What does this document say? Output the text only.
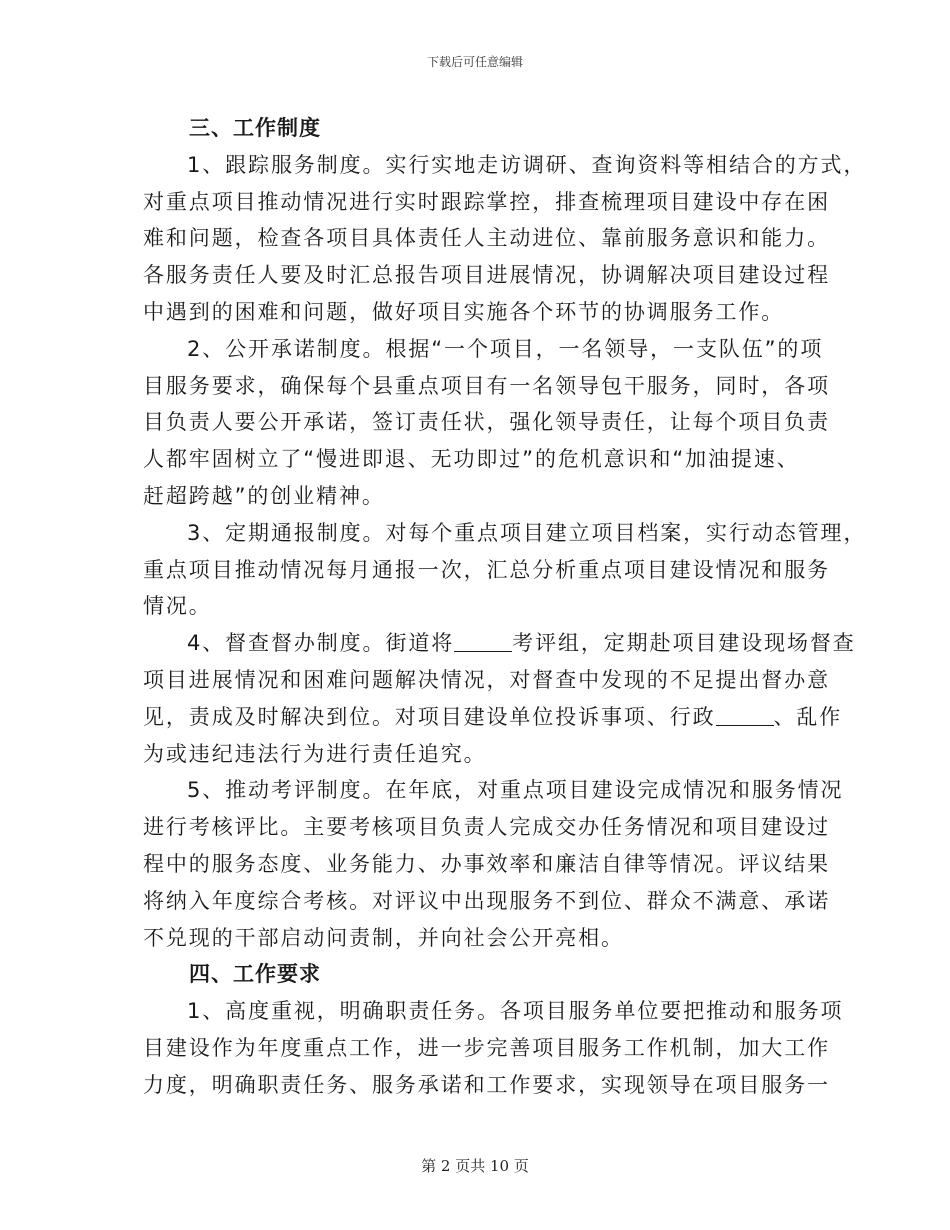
下载后可任意编辑
三、工作制度
1、跟踪服务制度。实行实地走访调研、查询资料等相结合的方式，
对重点项目推动情况进行实时跟踪掌控，排查梳理项目建设中存在困
难和问题，检查各项目具体责任人主动进位、靠前服务意识和能力。
各服务责任人要及时汇总报告项目进展情况，协调解决项目建设过程
中遇到的困难和问题，做好项目实施各个环节的协调服务工作。
2、公开承诺制度。根据“一个项目，一名领导，一支队伍”的项
目服务要求，确保每个县重点项目有一名领导包干服务，同时，各项
目负责人要公开承诺，签订责任状，强化领导责任，让每个项目负责
人都牢固树立了“慢进即退、无功即过”的危机意识和“加油提速、
赶超跨越”的创业精神。
3、定期通报制度。对每个重点项目建立项目档案，实行动态管理，
重点项目推动情况每月通报一次，汇总分析重点项目建设情况和服务
情况。
4、督查督办制度。街道将	考评组，定期赴项目建设现场督查
项目进展情况和困难问题解决情况，对督查中发现的不足提出督办意
见，责成及时解决到位。对项目建设单位投诉事项、行政	、乱作
为或违纪违法行为进行责任追究。
5、推动考评制度。在年底，对重点项目建设完成情况和服务情况
进行考核评比。主要考核项目负责人完成交办任务情况和项目建设过
程中的服务态度、业务能力、办事效率和廉洁自律等情况。评议结果
将纳入年度综合考核。对评议中出现服务不到位、群众不满意、承诺
不兑现的干部启动问责制，并向社会公开亮相。
四、工作要求
1、高度重视，明确职责任务。各项目服务单位要把推动和服务项
目建设作为年度重点工作，进一步完善项目服务工作机制，加大工作
力度，明确职责任务、服务承诺和工作要求，实现领导在项目服务一
第 2 页共 10 页
